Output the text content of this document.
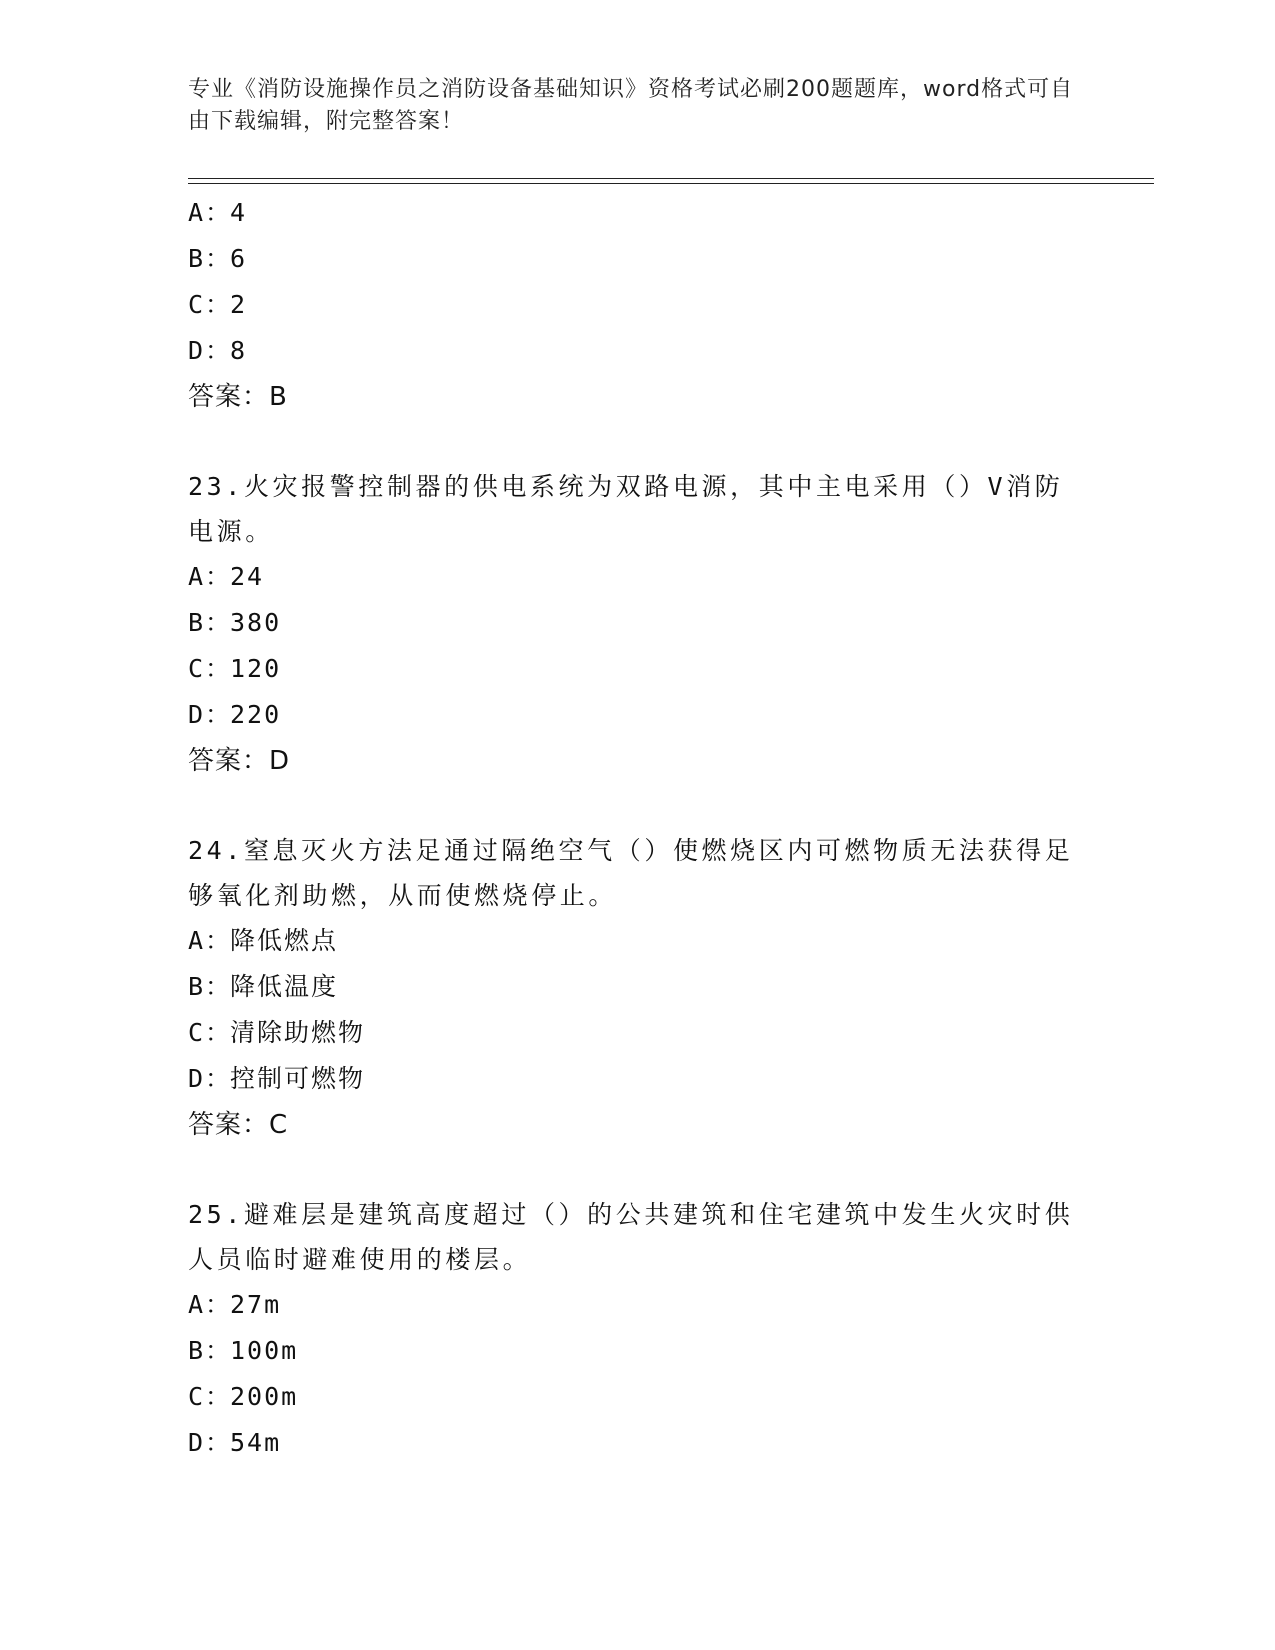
专业《消防设施操作员之消防设备基础知识》资格考试必刷200题题库，word格式可自由下载编辑，附完整答案！
A：4
B：6
C：2
D：8
答案：B
23.火灾报警控制器的供电系统为双路电源，其中主电采用（）V消防电源。
A：24
B：380
C：120
D：220
答案：D
24.窒息灭火方法足通过隔绝空气（）使燃烧区内可燃物质无法获得足够氧化剂助燃，从而使燃烧停止。
A：降低燃点
B：降低温度
C：清除助燃物
D：控制可燃物
答案：C
25.避难层是建筑高度超过（）的公共建筑和住宅建筑中发生火灾时供人员临时避难使用的楼层。
A：27m
B：100m
C：200m
D：54m
